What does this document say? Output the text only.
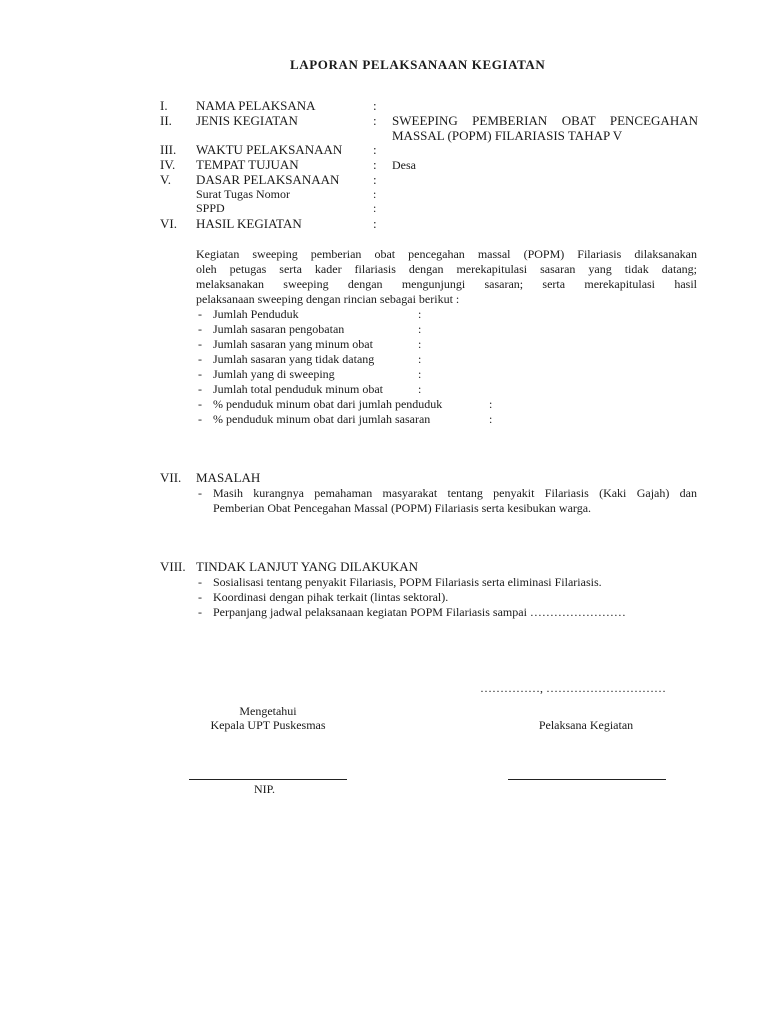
LAPORAN PELAKSANAAN KEGIATAN
I. NAMA PELAKSANA	:
II. JENIS KEGIATAN	: SWEEPING PEMBERIAN OBAT PENCEGAHAN
MASSAL (POPM) FILARIASIS TAHAP V
III. WAKTU PELAKSANAAN :
IV. TEMPAT TUJUAN	: Desa
V. DASAR PELAKSANAAN	:
Surat Tugas Nomor	:
SPPD	:
VI. HASIL KEGIATAN	:
Kegiatan sweeping pemberian obat pencegahan massal (POPM) Filariasis dilaksanakan
oleh petugas serta kader filariasis dengan merekapitulasi sasaran yang tidak datang;
melaksanakan sweeping dengan mengunjungi sasaran; serta merekapitulasi hasil
pelaksanaan sweeping dengan rincian sebagai berikut :
- Jumlah Penduduk	:
- Jumlah sasaran pengobatan	:
- Jumlah sasaran yang minum obat	:
- Jumlah sasaran yang tidak datang	:
- Jumlah yang di sweeping	:
- Jumlah total penduduk minum obat	:
- % penduduk minum obat dari jumlah penduduk	:
- % penduduk minum obat dari jumlah sasaran	:
VII. MASALAH
- Masih kurangnya pemahaman masyarakat tentang penyakit Filariasis (Kaki Gajah) dan
Pemberian Obat Pencegahan Massal (POPM) Filariasis serta kesibukan warga.
VIII. TINDAK LANJUT YANG DILAKUKAN
- Sosialisasi tentang penyakit Filariasis, POPM Filariasis serta eliminasi Filariasis.
- Koordinasi dengan pihak terkait (lintas sektoral).
- Perpanjang jadwal pelaksanaan kegiatan POPM Filariasis sampai ……………………
……………, …………………………
Mengetahui
Kepala UPT Puskesmas	Pelaksana Kegiatan
NIP.
